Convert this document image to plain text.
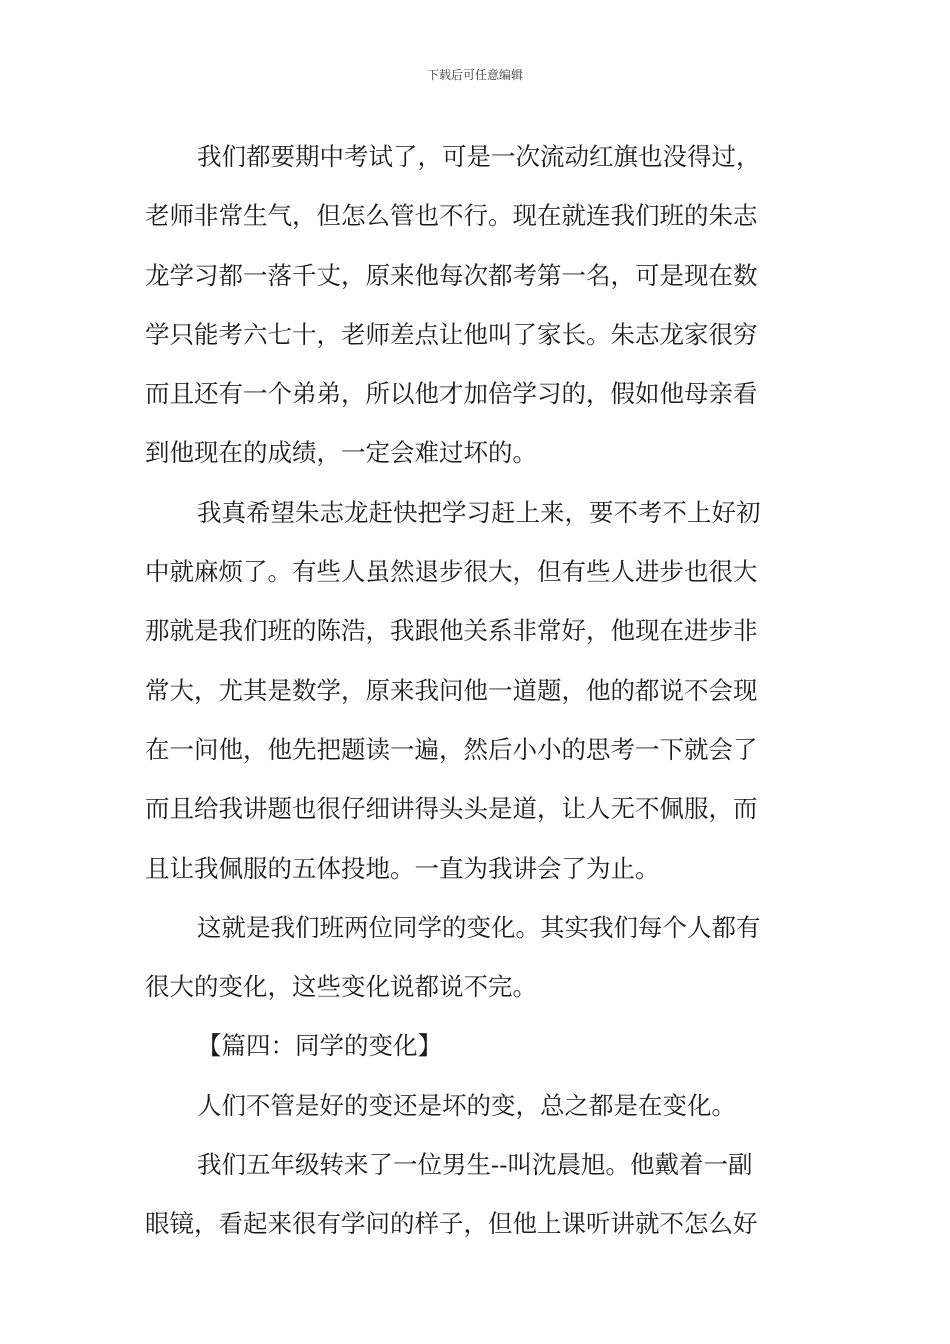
下载后可任意编辑
我们都要期中考试了，可是一次流动红旗也没得过，
老师非常生气，但怎么管也不行。现在就连我们班的朱志
龙学习都一落千丈，原来他每次都考第一名，可是现在数
学只能考六七十，老师差点让他叫了家长。朱志龙家很穷
而且还有一个弟弟，所以他才加倍学习的，假如他母亲看
到他现在的成绩，一定会难过坏的。
我真希望朱志龙赶快把学习赶上来，要不考不上好初
中就麻烦了。有些人虽然退步很大，但有些人进步也很大
那就是我们班的陈浩，我跟他关系非常好，他现在进步非
常大，尤其是数学，原来我问他一道题，他的都说不会现
在一问他，他先把题读一遍，然后小小的思考一下就会了
而且给我讲题也很仔细讲得头头是道，让人无不佩服，而
且让我佩服的五体投地。一直为我讲会了为止。
这就是我们班两位同学的变化。其实我们每个人都有
很大的变化，这些变化说都说不完。
【篇四：同学的变化】
人们不管是好的变还是坏的变，总之都是在变化。
我们五年级转来了一位男生--叫沈晨旭。他戴着一副
眼镜，看起来很有学问的样子，但他上课听讲就不怎么好
